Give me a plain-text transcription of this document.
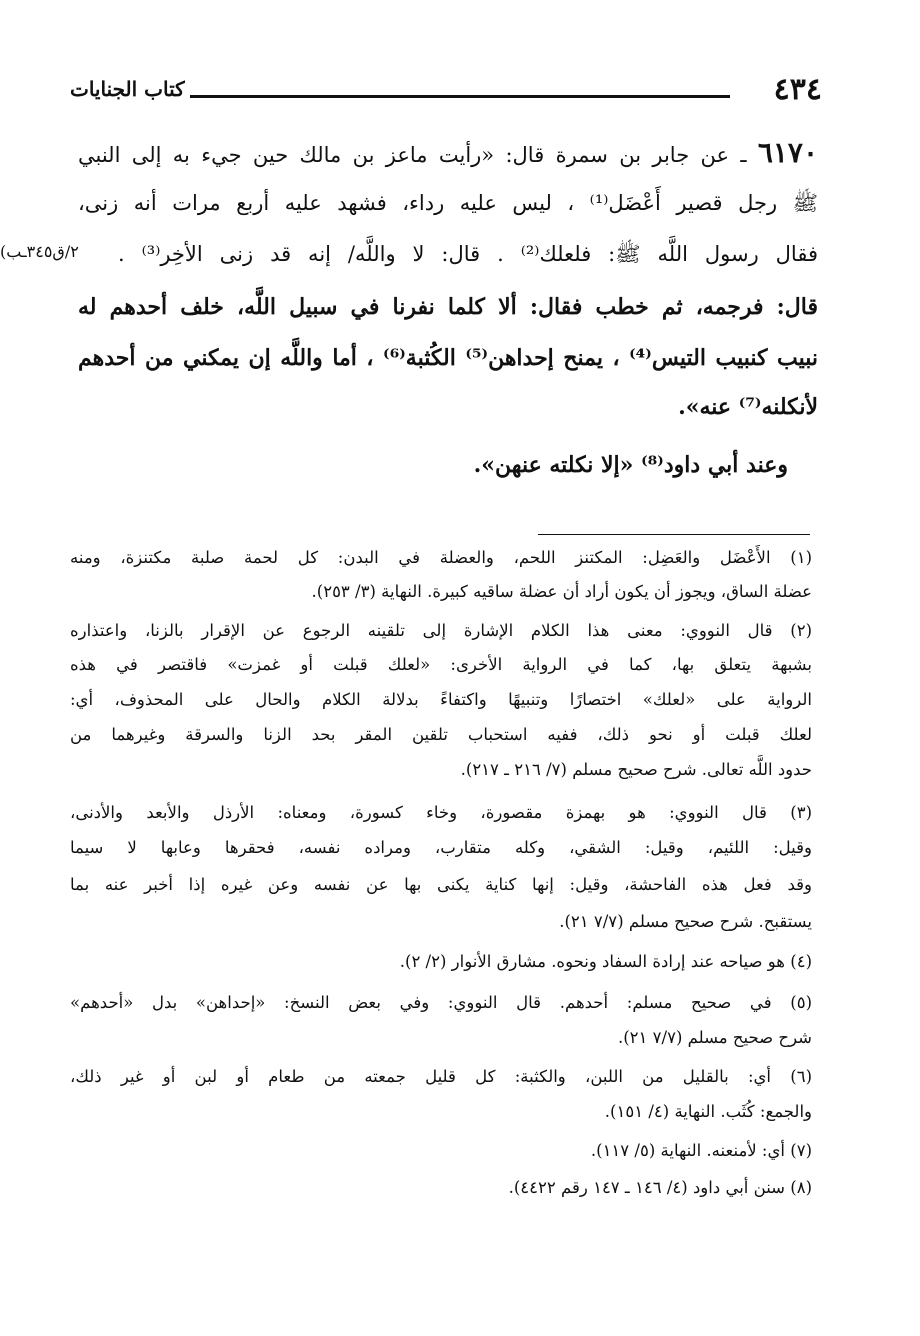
٤٣٤
كتاب الجنايات
٢/ق٣٤٥ـب)
٦١٧٠ ـ عن جابر بن سمرة قال: «رأيت ماعز بن مالك حين جيء به إلى النبي
ﷺ رجل قصير أَعْضَل⁽¹⁾ ، ليس عليه رداء، فشهد عليه أربع مرات أنه زنى،
فقال رسول اللَّه ﷺ: فلعلك⁽²⁾ . قال: لا واللَّه/ إنه قد زنى الأخِر⁽³⁾ .
قال: فرجمه، ثم خطب فقال: ألا كلما نفرنا في سبيل اللَّه، خلف أحدهم له
نبيب كنبيب التيس⁽⁴⁾ ، يمنح إحداهن⁽⁵⁾ الكُثبة⁽⁶⁾ ، أما واللَّه إن يمكني من أحدهم
لأنكلنه⁽⁷⁾ عنه».
وعند أبي داود⁽⁸⁾ «إلا نكلته عنهن».
(١) الأَعْضَل والعَضِل: المكتنز اللحم، والعضلة في البدن: كل لحمة صلبة مكتنزة، ومنه
عضلة الساق، ويجوز أن يكون أراد أن عضلة ساقيه كبيرة. النهاية (٣/ ٢٥٣).
(٢) قال النووي: معنى هذا الكلام الإشارة إلى تلقينه الرجوع عن الإقرار بالزنا، واعتذاره
بشبهة يتعلق بها، كما في الرواية الأخرى: «لعلك قبلت أو غمزت» فاقتصر في هذه
الرواية على «لعلك» اختصارًا وتنبيهًا واكتفاءً بدلالة الكلام والحال على المحذوف، أي:
لعلك قبلت أو نحو ذلك، ففيه استحباب تلقين المقر بحد الزنا والسرقة وغيرهما من
حدود اللَّه تعالى. شرح صحيح مسلم (٧/ ٢١٦ ـ ٢١٧).
(٣) قال النووي: هو بهمزة مقصورة، وخاء كسورة، ومعناه: الأرذل والأبعد والأدنى،
وقيل: اللئيم، وقيل: الشقي، وكله متقارب، ومراده نفسه، فحقرها وعابها لا سيما
وقد فعل هذه الفاحشة، وقيل: إنها كناية يكنى بها عن نفسه وعن غيره إذا أخبر عنه بما
يستقبح. شرح صحيح مسلم (٧/٧ ٢١).
(٤) هو صياحه عند إرادة السفاد ونحوه. مشارق الأنوار (٢/ ٢).
(٥) في صحيح مسلم: أحدهم. قال النووي: وفي بعض النسخ: «إحداهن» بدل «أحدهم»
شرح صحيح مسلم (٧/٧ ٢١).
(٦) أي: بالقليل من اللبن، والكثبة: كل قليل جمعته من طعام أو لبن أو غير ذلك،
والجمع: كُثَب. النهاية (٤/ ١٥١).
(٧) أي: لأمنعنه. النهاية (٥/ ١١٧).
(٨) سنن أبي داود (٤/ ١٤٦ ـ ١٤٧ رقم ٤٤٢٢).
